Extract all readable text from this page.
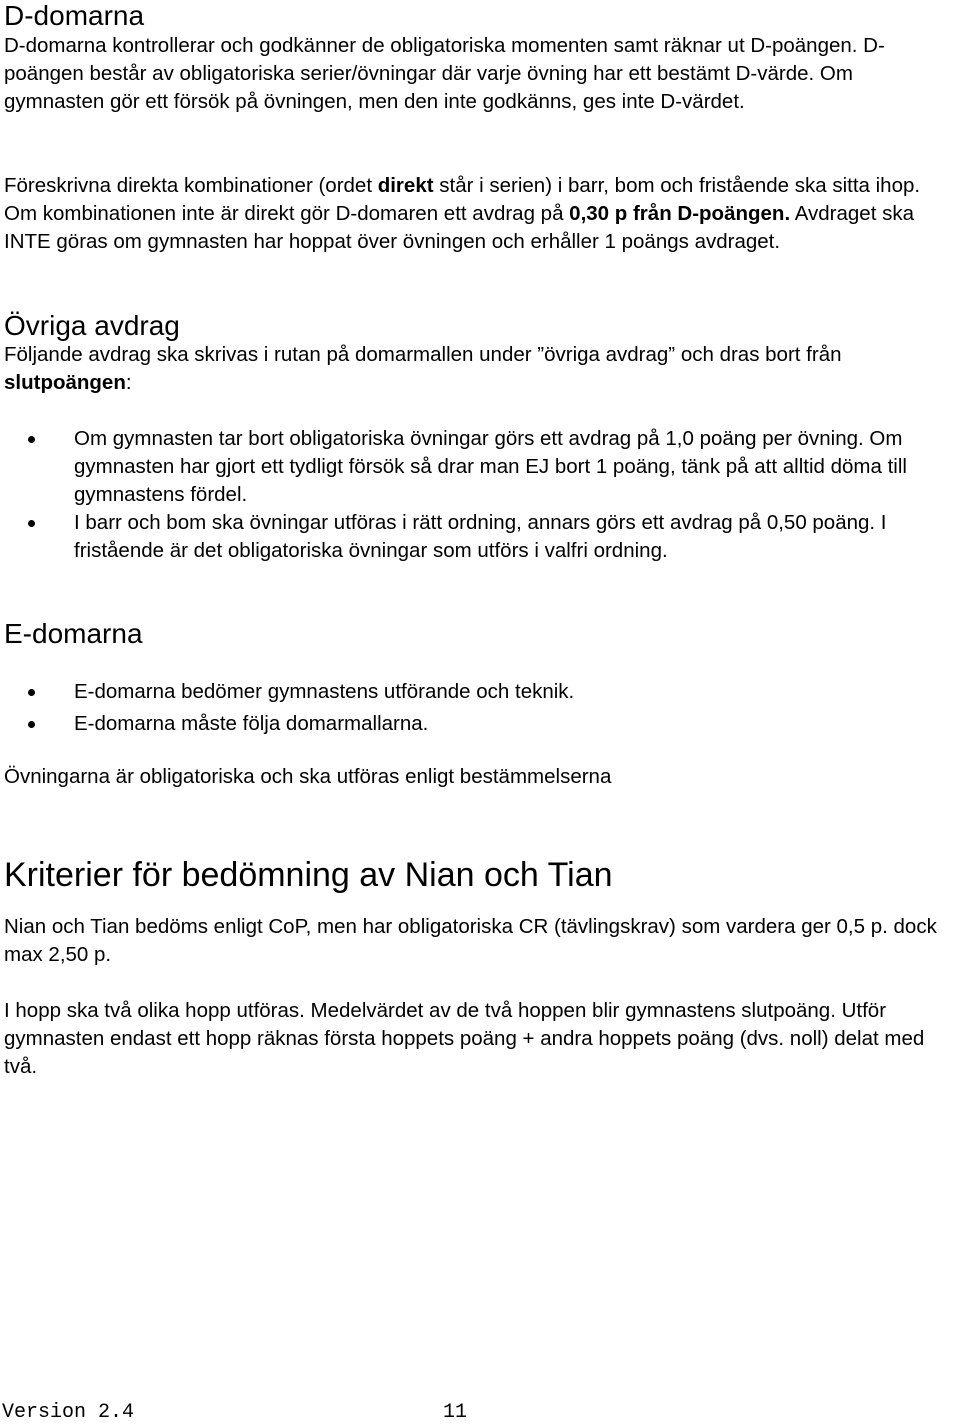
D-domarna

D-domarna kontrollerar och godkänner de obligatoriska momenten samt räknar ut D-poängen. D-poängen består av obligatoriska serier/övningar där varje övning har ett bestämt D-värde. Om gymnasten gör ett försök på övningen, men den inte godkänns, ges inte D-värdet.

Föreskrivna direkta kombinationer (ordet direkt står i serien) i barr, bom och fristående ska sitta ihop. Om kombinationen inte är direkt gör D-domaren ett avdrag på 0,30 p från D-poängen. Avdraget ska INTE göras om gymnasten har hoppat över övningen och erhåller 1 poängs avdraget.

Övriga avdrag

Följande avdrag ska skrivas i rutan på domarmallen under ”övriga avdrag” och dras bort från slutpoängen:

Om gymnasten tar bort obligatoriska övningar görs ett avdrag på 1,0 poäng per övning. Om gymnasten har gjort ett tydligt försök så drar man EJ bort 1 poäng, tänk på att alltid döma till gymnastens fördel.
I barr och bom ska övningar utföras i rätt ordning, annars görs ett avdrag på 0,50 poäng. I fristående är det obligatoriska övningar som utförs i valfri ordning.
E-domarna
E-domarna bedömer gymnastens utförande och teknik.
E-domarna måste följa domarmallarna.

Övningarna är obligatoriska och ska utföras enligt bestämmelserna

Kriterier för bedömning av Nian och Tian

Nian och Tian bedöms enligt CoP, men har obligatoriska CR (tävlingskrav) som vardera ger 0,5 p. dock max 2,50 p.

I hopp ska två olika hopp utföras. Medelvärdet av de två hoppen blir gymnastens slutpoäng. Utför gymnasten endast ett hopp räknas första hoppets poäng + andra hoppets poäng (dvs. noll) delat med två.

Version 2.4	11
